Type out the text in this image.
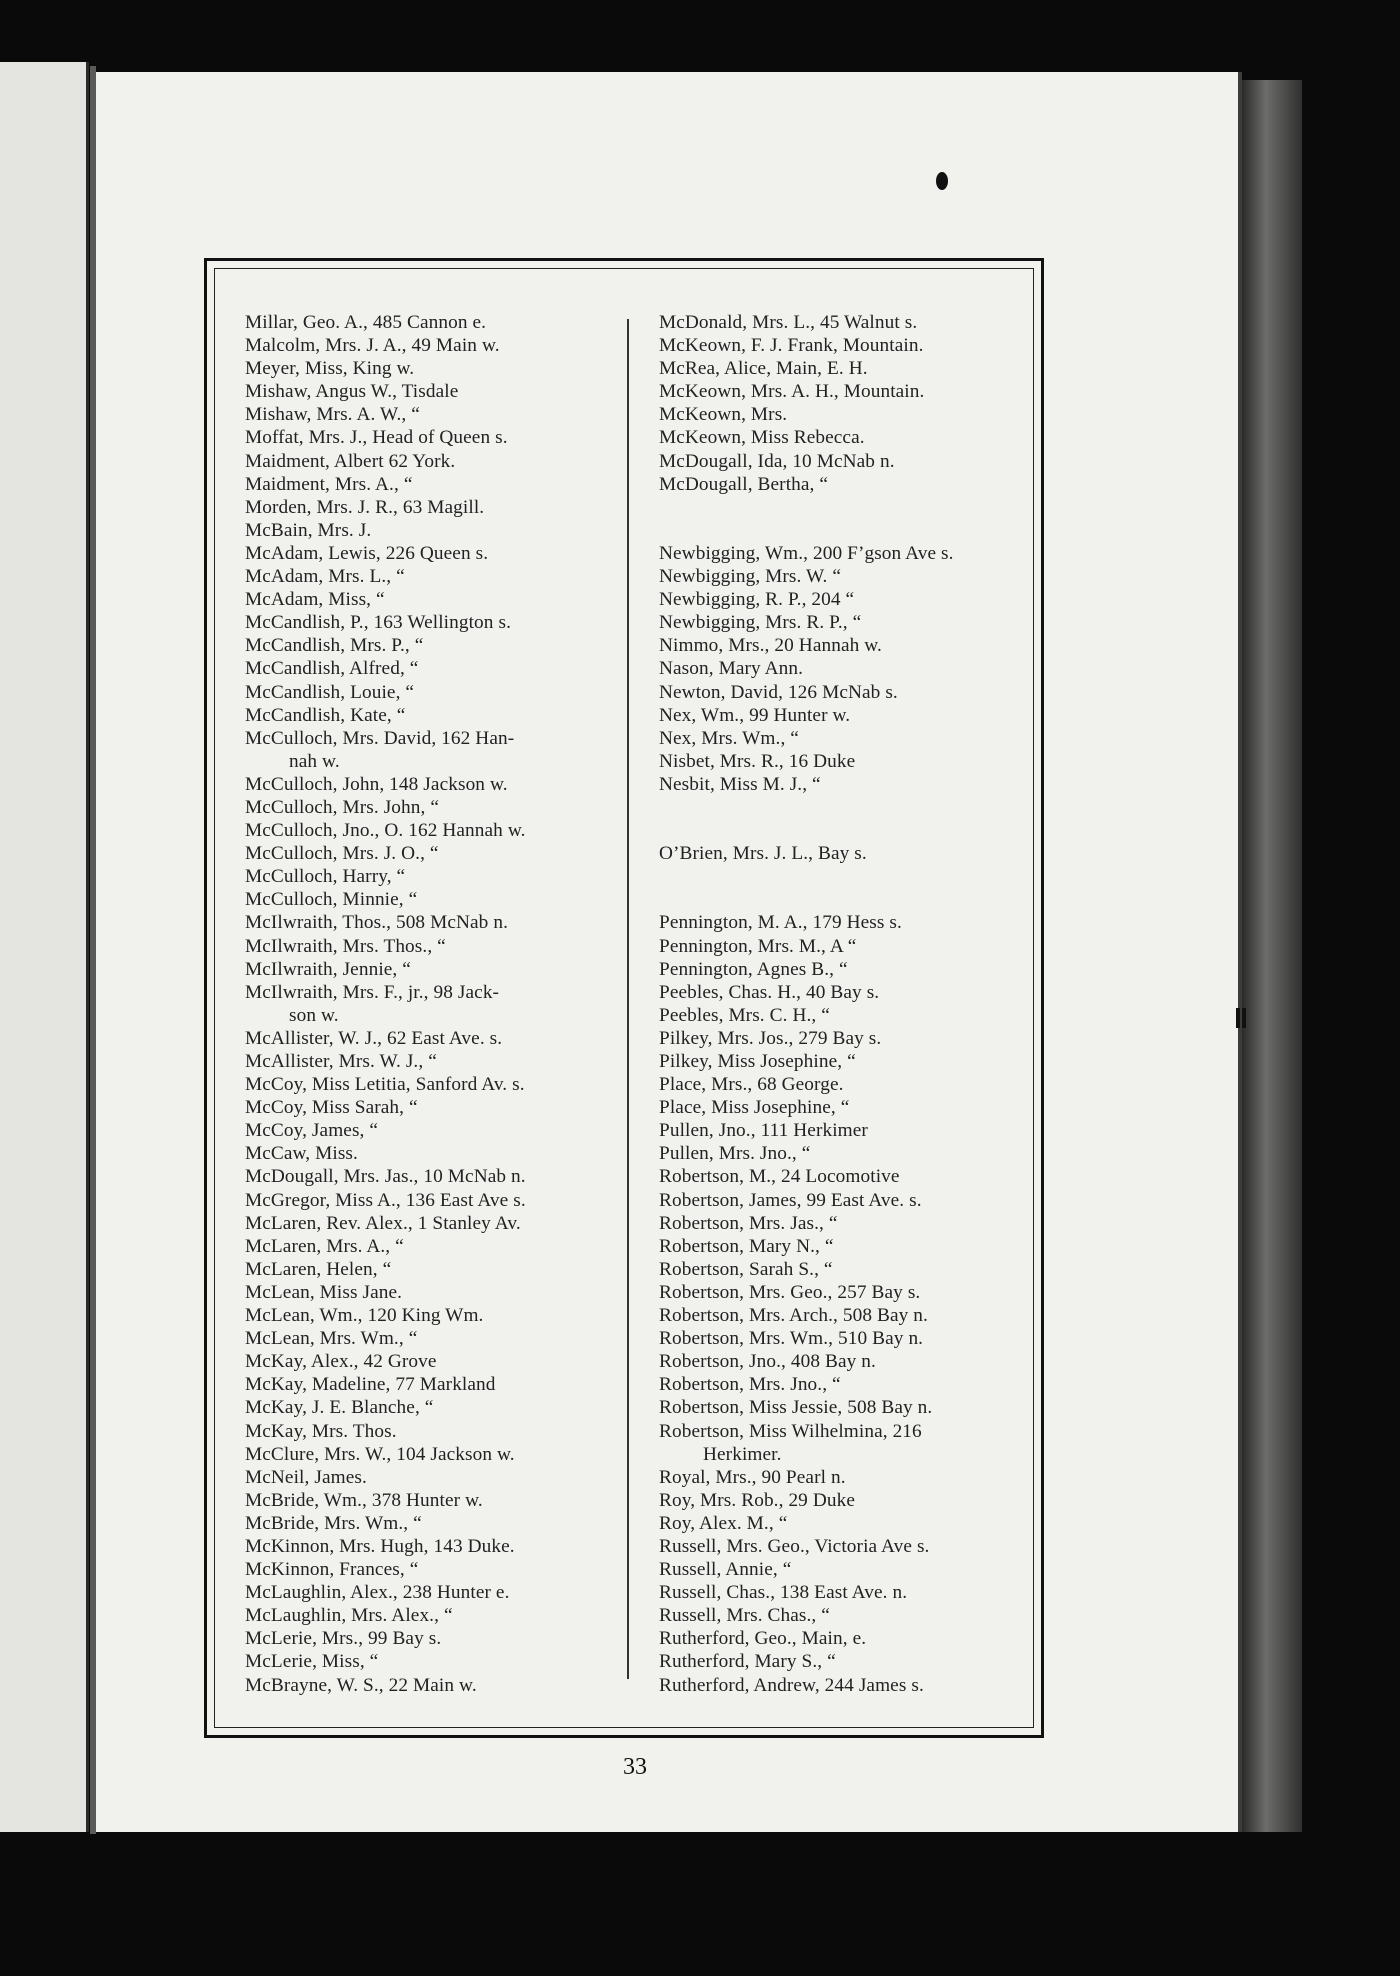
Millar, Geo. A., 485 Cannon e.
Malcolm, Mrs. J. A., 49 Main w.
Meyer, Miss, King w.
Mishaw, Angus W., Tisdale
Mishaw, Mrs. A. W., “
Moffat, Mrs. J., Head of Queen s.
Maidment, Albert 62 York.
Maidment, Mrs. A., “
Morden, Mrs. J. R., 63 Magill.
McBain, Mrs. J.
McAdam, Lewis, 226 Queen s.
McAdam, Mrs. L., “
McAdam, Miss, “
McCandlish, P., 163 Wellington s.
McCandlish, Mrs. P., “
McCandlish, Alfred, “
McCandlish, Louie, “
McCandlish, Kate, “
McCulloch, Mrs. David, 162 Han-
nah w.
McCulloch, John, 148 Jackson w.
McCulloch, Mrs. John, “
McCulloch, Jno., O. 162 Hannah w.
McCulloch, Mrs. J. O., “
McCulloch, Harry, “
McCulloch, Minnie, “
McIlwraith, Thos., 508 McNab n.
McIlwraith, Mrs. Thos., “
McIlwraith, Jennie, “
McIlwraith, Mrs. F., jr., 98 Jack-
son w.
McAllister, W. J., 62 East Ave. s.
McAllister, Mrs. W. J., “
McCoy, Miss Letitia, Sanford Av. s.
McCoy, Miss Sarah, “
McCoy, James, “
McCaw, Miss.
McDougall, Mrs. Jas., 10 McNab n.
McGregor, Miss A., 136 East Ave s.
McLaren, Rev. Alex., 1 Stanley Av.
McLaren, Mrs. A., “
McLaren, Helen, “
McLean, Miss Jane.
McLean, Wm., 120 King Wm.
McLean, Mrs. Wm., “
McKay, Alex., 42 Grove
McKay, Madeline, 77 Markland
McKay, J. E. Blanche, “
McKay, Mrs. Thos.
McClure, Mrs. W., 104 Jackson w.
McNeil, James.
McBride, Wm., 378 Hunter w.
McBride, Mrs. Wm., “
McKinnon, Mrs. Hugh, 143 Duke.
McKinnon, Frances, “
McLaughlin, Alex., 238 Hunter e.
McLaughlin, Mrs. Alex., “
McLerie, Mrs., 99 Bay s.
McLerie, Miss, “
McBrayne, W. S., 22 Main w.
McDonald, Mrs. L., 45 Walnut s.
McKeown, F. J. Frank, Mountain.
McRea, Alice, Main, E. H.
McKeown, Mrs. A. H., Mountain.
McKeown, Mrs.
McKeown, Miss Rebecca.
McDougall, Ida, 10 McNab n.
McDougall, Bertha, “
Newbigging, Wm., 200 F’gson Ave s.
Newbigging, Mrs. W. “
Newbigging, R. P., 204 “
Newbigging, Mrs. R. P., “
Nimmo, Mrs., 20 Hannah w.
Nason, Mary Ann.
Newton, David, 126 McNab s.
Nex, Wm., 99 Hunter w.
Nex, Mrs. Wm., “
Nisbet, Mrs. R., 16 Duke
Nesbit, Miss M. J., “
O’Brien, Mrs. J. L., Bay s.
Pennington, M. A., 179 Hess s.
Pennington, Mrs. M., A “
Pennington, Agnes B., “
Peebles, Chas. H., 40 Bay s.
Peebles, Mrs. C. H., “
Pilkey, Mrs. Jos., 279 Bay s.
Pilkey, Miss Josephine, “
Place, Mrs., 68 George.
Place, Miss Josephine, “
Pullen, Jno., 111 Herkimer
Pullen, Mrs. Jno., “
Robertson, M., 24 Locomotive
Robertson, James, 99 East Ave. s.
Robertson, Mrs. Jas., “
Robertson, Mary N., “
Robertson, Sarah S., “
Robertson, Mrs. Geo., 257 Bay s.
Robertson, Mrs. Arch., 508 Bay n.
Robertson, Mrs. Wm., 510 Bay n.
Robertson, Jno., 408 Bay n.
Robertson, Mrs. Jno., “
Robertson, Miss Jessie, 508 Bay n.
Robertson, Miss Wilhelmina, 216
Herkimer.
Royal, Mrs., 90 Pearl n.
Roy, Mrs. Rob., 29 Duke
Roy, Alex. M., “
Russell, Mrs. Geo., Victoria Ave s.
Russell, Annie, “
Russell, Chas., 138 East Ave. n.
Russell, Mrs. Chas., “
Rutherford, Geo., Main, e.
Rutherford, Mary S., “
Rutherford, Andrew, 244 James s.
33
